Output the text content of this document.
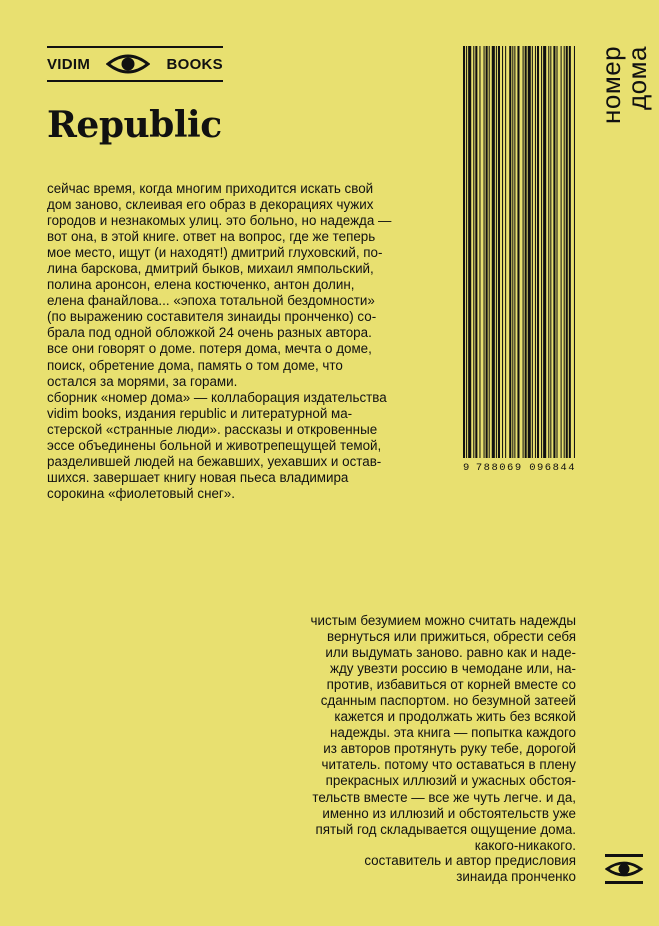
VIDIM	BOOKS
Republic

сейчас время, когда многим приходится искать свой
дом заново, склеивая его образ в декорациях чужих
городов и незнакомых улиц. это больно, но надежда —
вот она, в этой книге. ответ на вопрос, где же теперь
мое место, ищут (и находят!) дмитрий глуховский, по-
лина барскова, дмитрий быков, михаил ямпольский,
полина аронсон, елена костюченко, антон долин,
елена фанайлова... «эпоха тотальной бездомности»
(по выражению составителя зинаиды пронченко) со-
брала под одной обложкой 24 очень разных автора.
все они говорят о доме. потеря дома, мечта о доме,
поиск, обретение дома, память о том доме, что
остался за морями, за горами.
сборник «номер дома» — коллаборация издательства
vidim books, издания republic и литературной ма-
стерской «странные люди». рассказы и откровенные
эссе объединены больной и животрепещущей темой,
разделившей людей на бежавших, уехавших и остав-
шихся. завершает книгу новая пьеса владимира
сорокина «фиолетовый снег».

9 788069 096844
номер
дома

чистым безумием можно считать надежды
вернуться или прижиться, обрести себя
или выдумать заново. равно как и наде-
жду увезти россию в чемодане или, на-
против, избавиться от корней вместе со
сданным паспортом. но безумной затеей
кажется и продолжать жить без всякой
надежды. эта книга — попытка каждого
из авторов протянуть руку тебе, дорогой
читатель. потому что оставаться в плену
прекрасных иллюзий и ужасных обстоя-
тельств вместе — все же чуть легче. и да,
именно из иллюзий и обстоятельств уже
пятый год складывается ощущение дома.
какого-никакого.

составитель и автор предисловия
зинаида пронченко
